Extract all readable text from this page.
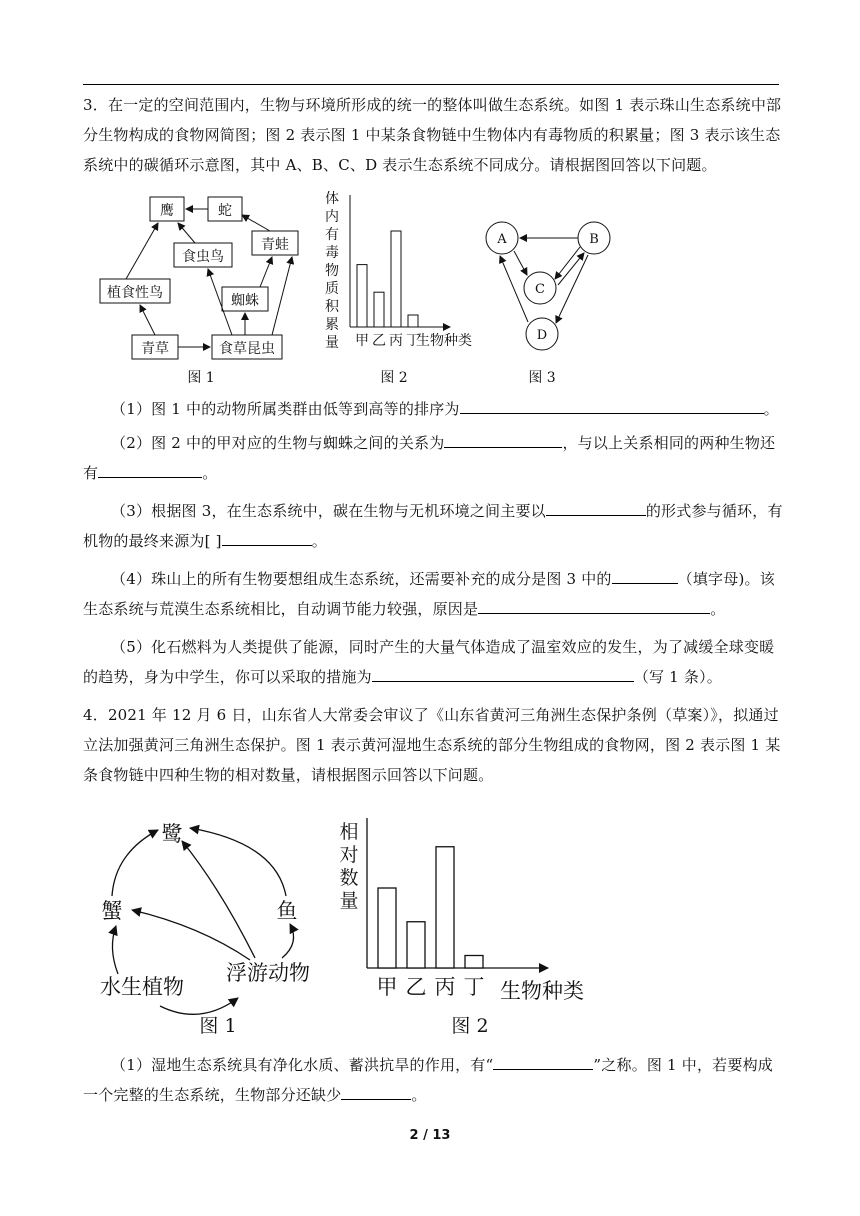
3．在一定的空间范围内，生物与环境所形成的统一的整体叫做生态系统。如图 1 表示珠山生态系统中部分生物构成的食物网简图；图 2 表示图 1 中某条食物链中生物体内有毒物质的积累量；图 3 表示该生态系统中的碳循环示意图，其中 A、B、C、D 表示生态系统不同成分。请根据图回答以下问题。
鹰	蛇
食虫鸟
青蛙
植食性鸟	蜘蛛
青草	食草昆虫
图 1
体
内
有
毒
物
质
积
累
量 甲 乙 丙 丁
生物种类
图 2
A	B
C
D
图 3
（1）图 1 中的动物所属类群由低等到高等的排序为	。
（2）图 2 中的甲对应的生物与蜘蛛之间的关系为	，与以上关系相同的两种生物还有	。
（3）根据图 3，在生态系统中，碳在生物与无机环境之间主要以	的形式参与循环，有机物的最终来源为[ ]	。
（4）珠山上的所有生物要想组成生态系统，还需要补充的成分是图 3 中的	（填字母)。该生态系统与荒漠生态系统相比，自动调节能力较强，原因是	。
（5）化石燃料为人类提供了能源，同时产生的大量气体造成了温室效应的发生，为了减缓全球变暖的趋势，身为中学生，你可以采取的措施为	（写 1 条）。
4．2021 年 12 月 6 日，山东省人大常委会审议了《山东省黄河三角洲生态保护条例（草案）》，拟通过立法加强黄河三角洲生态保护。图 1 表示黄河湿地生态系统的部分生物组成的食物网，图 2 表示图 1 某条食物链中四种生物的相对数量，请根据图示回答以下问题。
鹭
蟹	鱼
水生植物
浮游动物
图 1
相
对
数
量
甲 乙 丙 丁 生物种类
图 2
（1）湿地生态系统具有净化水质、蓄洪抗旱的作用，有“	”之称。图 1 中，若要构成一个完整的生态系统，生物部分还缺少	。
2 / 13
